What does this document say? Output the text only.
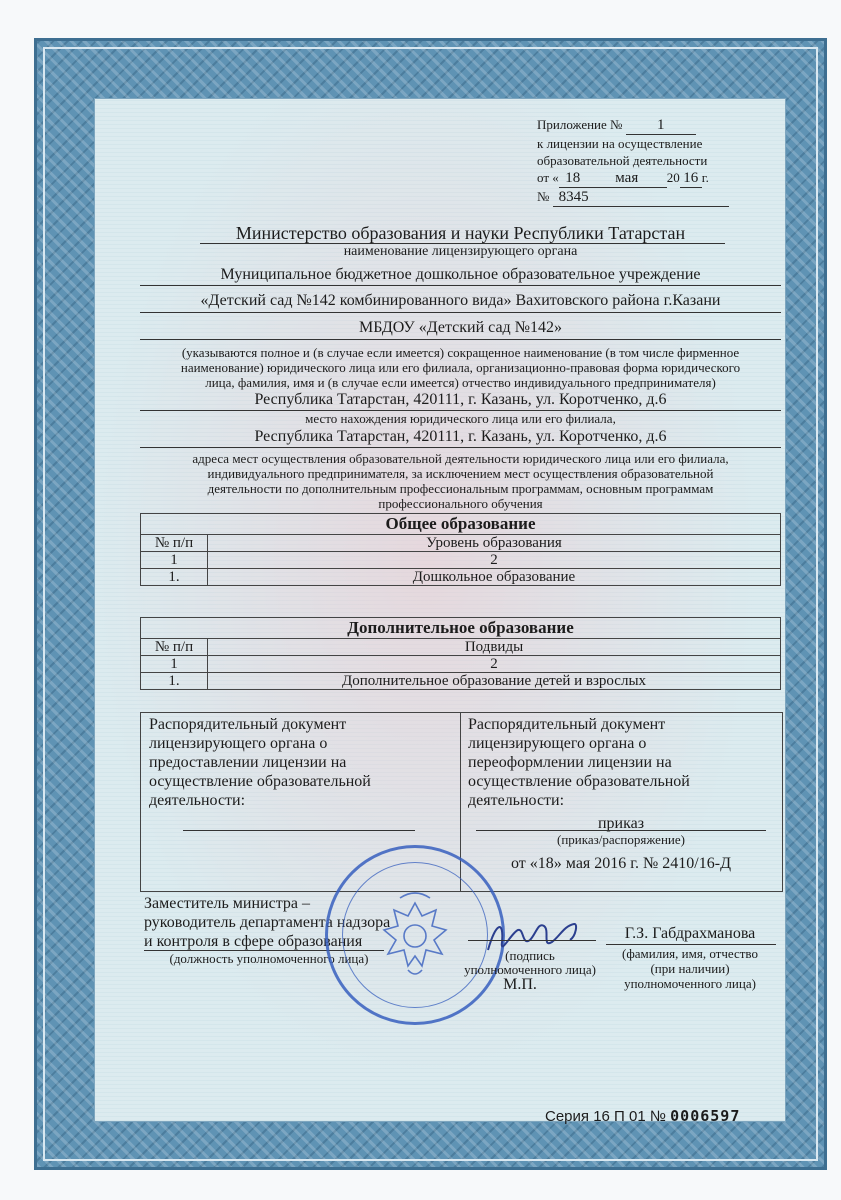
Приложение № 1
к лицензии на осуществление
образовательной деятельности
от « 18 мая 20 16 г.
№ 8345
Министерство образования и науки Республики Татарстан
наименование лицензирующего органа
Муниципальное бюджетное дошкольное образовательное учреждение
«Детский сад №142 комбинированного вида» Вахитовского района г.Казани
МБДОУ «Детский сад №142»
(указываются полное и (в случае если имеется) сокращенное наименование (в том числе фирменное
наименование) юридического лица или его филиала, организационно-правовая форма юридического
лица, фамилия, имя и (в случае если имеется) отчество индивидуального предпринимателя)
Республика Татарстан, 420111, г. Казань, ул. Коротченко, д.6
место нахождения юридического лица или его филиала,
Республика Татарстан, 420111, г. Казань, ул. Коротченко, д.6
адреса мест осуществления образовательной деятельности юридического лица или его филиала,
индивидуального предпринимателя, за исключением мест осуществления образовательной
деятельности по дополнительным профессиональным программам, основным программам
профессионального обучения
Общее образование	
№ п/п	Уровень образования
1	2
1.	Дошкольное образование
Дополнительное образование	
№ п/п	Подвиды
1	2
1.	Дополнительное образование детей и взрослых
Распорядительный документ
лицензирующего органа о
предоставлении лицензии на
осуществление образовательной
деятельности:
Распорядительный документ
лицензирующего органа о
переоформлении лицензии на
осуществление образовательной
деятельности:
приказ
(приказ/распоряжение)
от «18» мая 2016 г. № 2410/16-Д
Заместитель министра –
руководитель департамента надзора
и контроля в сфере образования
(должность уполномоченного лица)	(подпись
уполномоченного лица)
М.П.
Г.З. Габдрахманова
(фамилия, имя, отчество
(при наличии)
уполномоченного лица)
Серия 16 П 01 № 0006597
